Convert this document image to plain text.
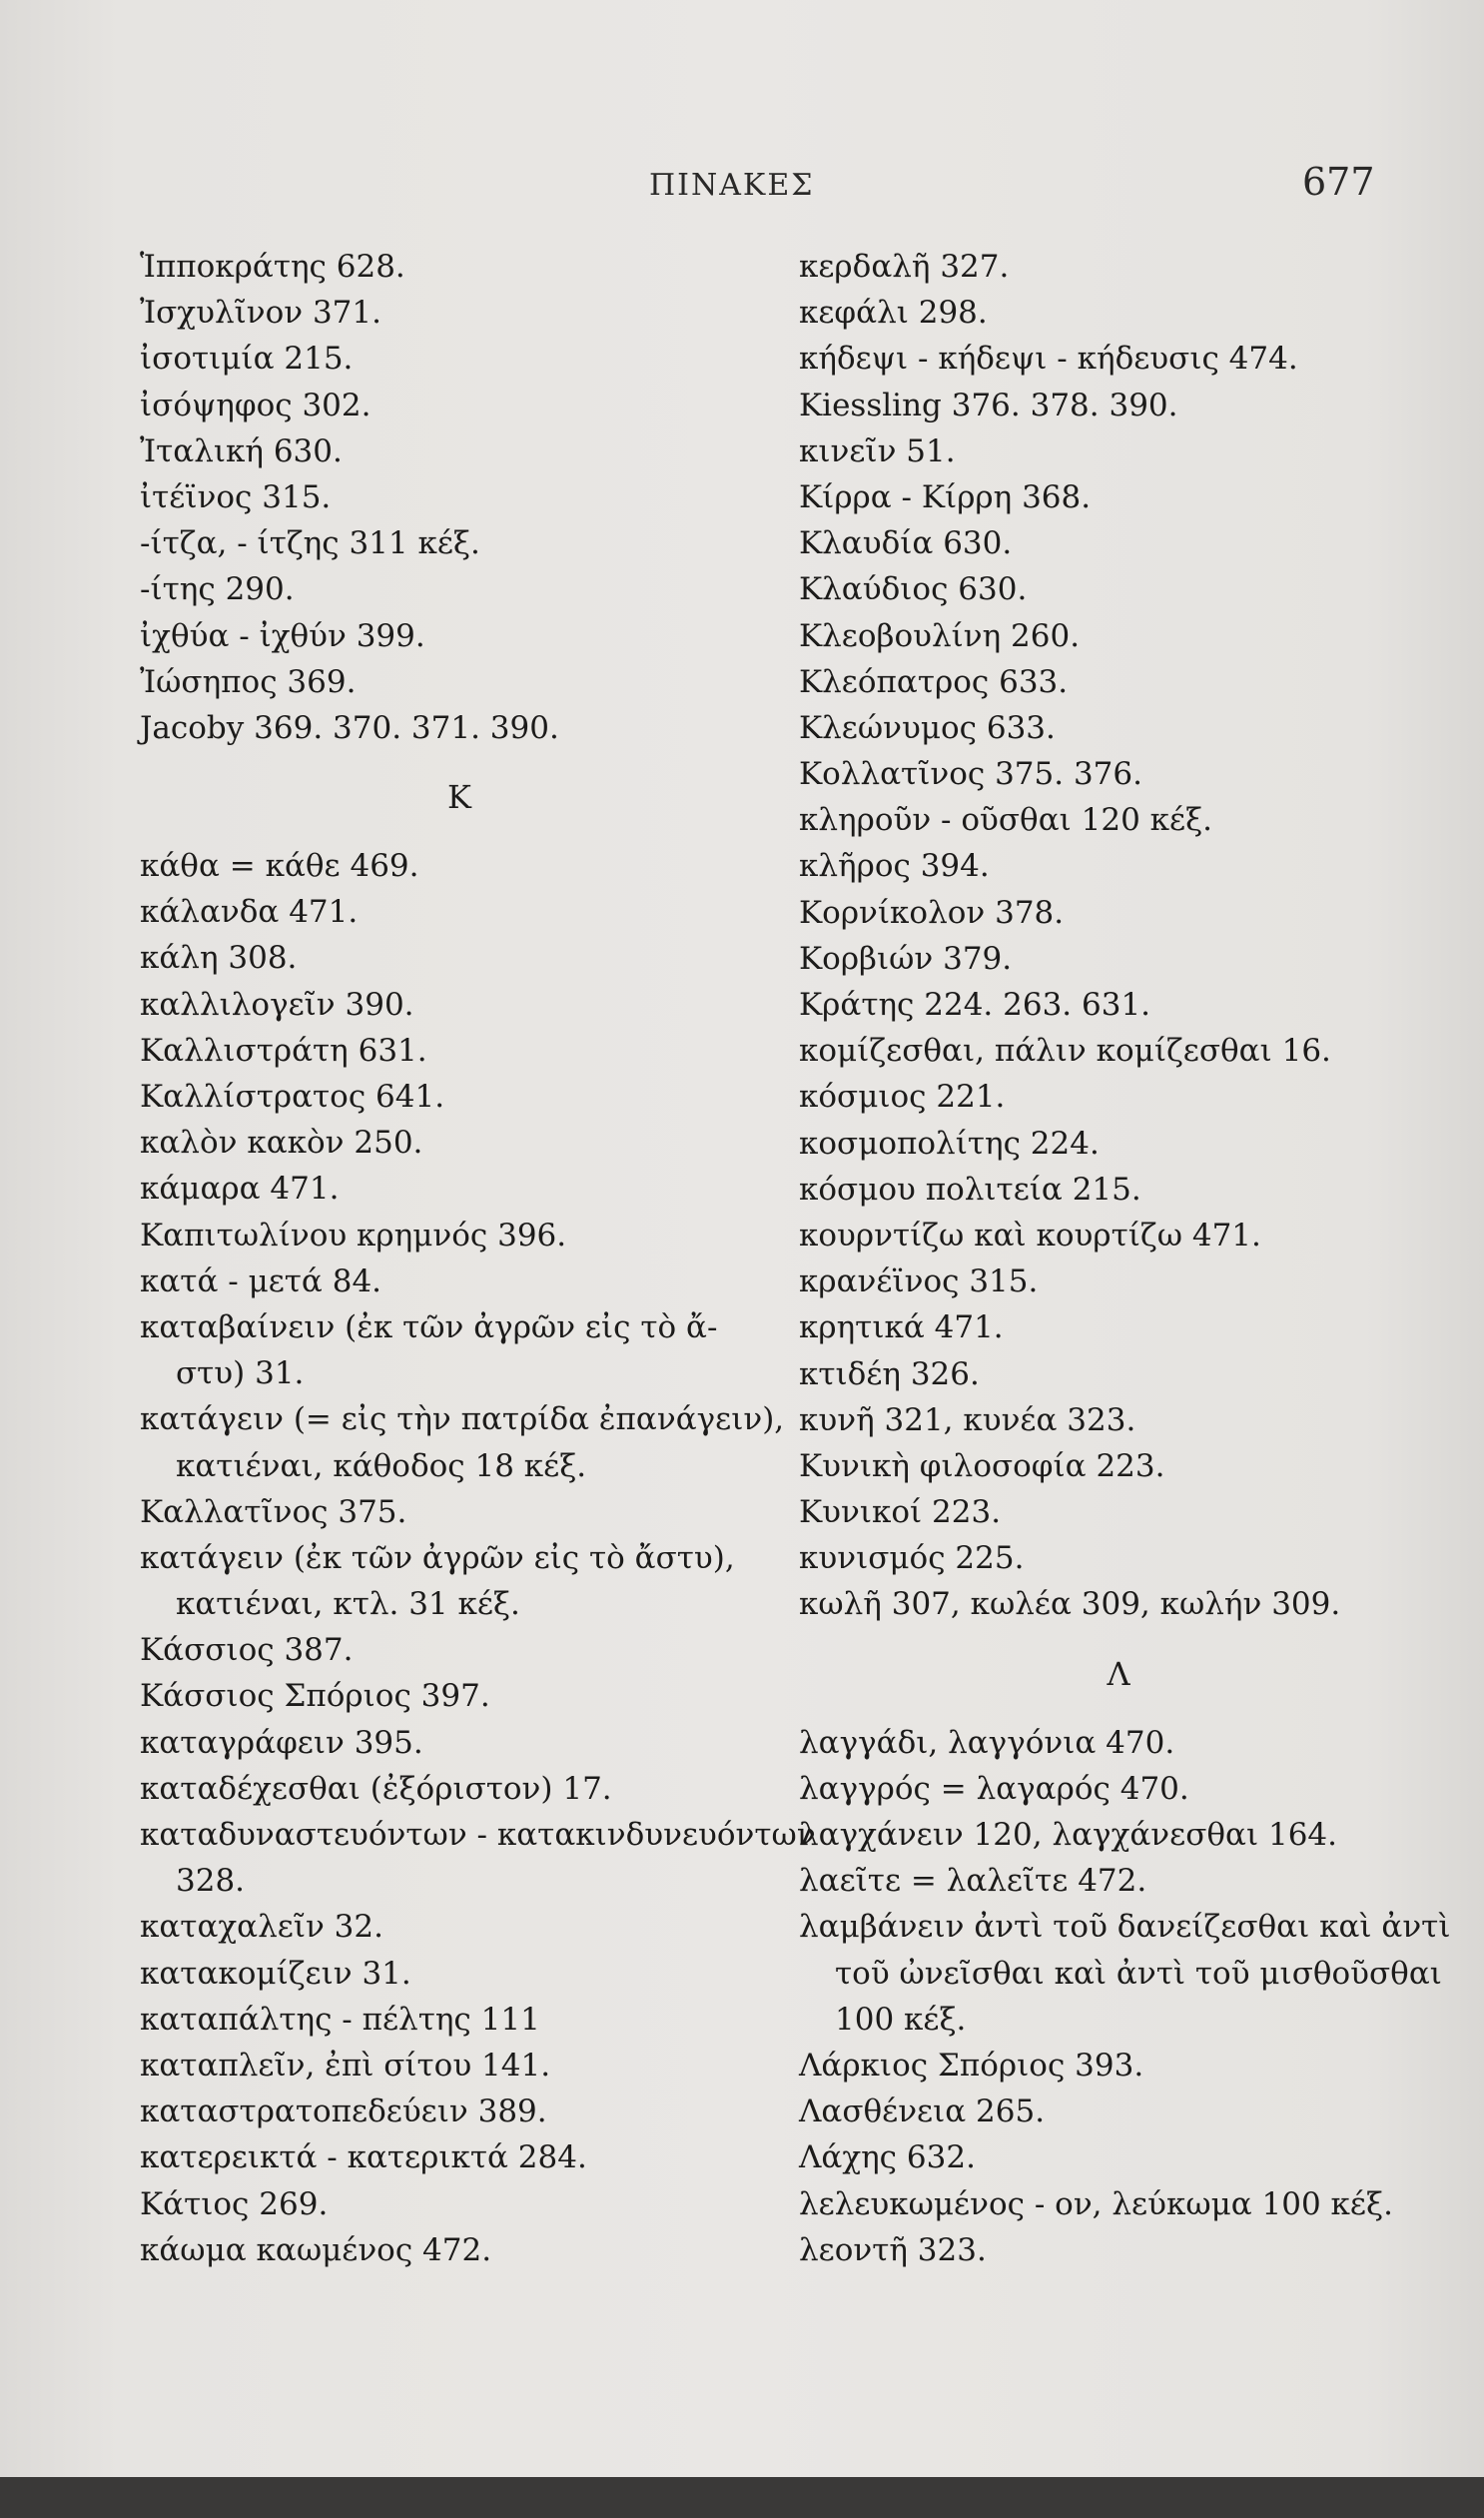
ΠΙΝΑΚΕΣ	677
Ἱπποκράτης 628.
Ἰσχυλῖνον 371.
ἰσοτιμία 215.
ἰσόψηφος 302.
Ἰταλική 630.
ἰτέϊνος 315.
-ίτζα, - ίτζης 311 κέξ.
-ίτης 290.
ἰχθύα - ἰχθύν 399.
Ἰώσηπος 369.
Jacoby 369. 370. 371. 390.
Κ
κάθα = κάθε 469.
κάλανδα 471.
κάλη 308.
καλλιλογεῖν 390.
Καλλιστράτη 631.
Καλλίστρατος 641.
καλὸν κακὸν 250.
κάμαρα 471.
Καπιτωλίνου κρημνός 396.
κατά - μετά 84.
καταβαίνειν (ἐκ τῶν ἀγρῶν εἰς τὸ ἄ-
στυ) 31.
κατάγειν (= εἰς τὴν πατρίδα ἐπανάγειν),
κατιέναι, κάθοδος 18 κέξ.
Καλλατῖνος 375.
κατάγειν (ἐκ τῶν ἀγρῶν εἰς τὸ ἄστυ),
κατιέναι, κτλ. 31 κέξ.
Κάσσιος 387.
Κάσσιος Σπόριος 397.
καταγράφειν 395.
καταδέχεσθαι (ἐξόριστον) 17.
καταδυναστευόντων - κατακινδυνευόντων
328.
καταχαλεῖν 32.
κατακομίζειν 31.
καταπάλτης - πέλτης 111
καταπλεῖν, ἐπὶ σίτου 141.
καταστρατοπεδεύειν 389.
κατερεικτά - κατερικτά 284.
Κάτιος 269.
κάωμα καωμένος 472.
κερδαλῆ 327.
κεφάλι 298.
κήδεψι - κήδεψι - κήδευσις 474.
Kiessling 376. 378. 390.
κινεῖν 51.
Κίρρα - Κίρρη 368.
Κλαυδία 630.
Κλαύδιος 630.
Κλεοβουλίνη 260.
Κλεόπατρος 633.
Κλεώνυμος 633.
Κολλατῖνος 375. 376.
κληροῦν - οῦσθαι 120 κέξ.
κλῆρος 394.
Κορνίκολον 378.
Κορβιών 379.
Κράτης 224. 263. 631.
κομίζεσθαι, πάλιν κομίζεσθαι 16.
κόσμιος 221.
κοσμοπολίτης 224.
κόσμου πολιτεία 215.
κουρντίζω καὶ κουρτίζω 471.
κρανέϊνος 315.
κρητικά 471.
κτιδέη 326.
κυνῆ 321, κυνέα 323.
Κυνικὴ φιλοσοφία 223.
Κυνικοί 223.
κυνισμός 225.
κωλῆ 307, κωλέα 309, κωλήν 309.
Λ
λαγγάδι, λαγγόνια 470.
λαγγρός = λαγαρός 470.
λαγχάνειν 120, λαγχάνεσθαι 164.
λαεῖτε = λαλεῖτε 472.
λαμβάνειν ἀντὶ τοῦ δανείζεσθαι καὶ ἀντὶ
τοῦ ὠνεῖσθαι καὶ ἀντὶ τοῦ μισθοῦσθαι
100 κέξ.
Λάρκιος Σπόριος 393.
Λασθένεια 265.
Λάχης 632.
λελευκωμένος - ον, λεύκωμα 100 κέξ.
λεοντῆ 323.
